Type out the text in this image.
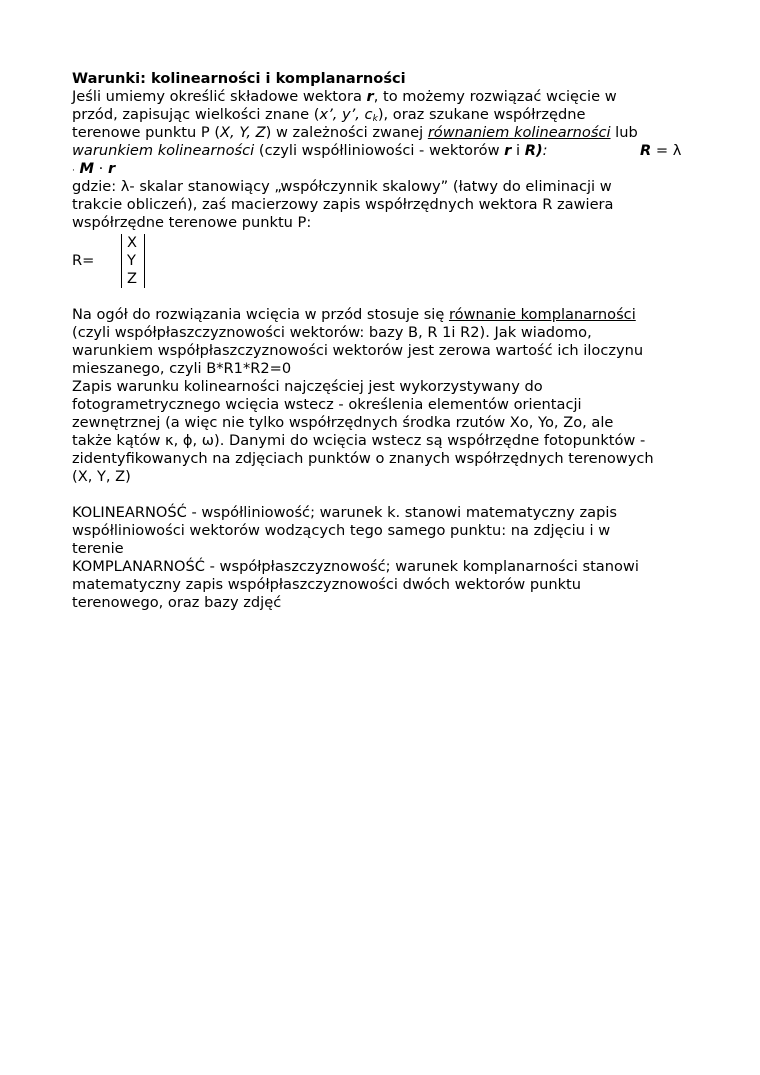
Warunki: kolinearności i komplanarności
Jeśli umiemy określić składowe wektora r, to możemy rozwiązać wcięcie w
przód, zapisując wielkości znane (x’, y’, $c_k$), oraz szukane współrzędne
terenowe punktu P (X, Y, Z) w zależności zwanej równaniem kolinearności lub
warunkiem kolinearności (czyli współliniowości - wektorów r i R):	R = λ
· M · r
gdzie: λ- skalar stanowiący „współczynnik skalowy” (łatwy do eliminacji w
trakcie obliczeń), zaś macierzowy zapis współrzędnych wektora R zawiera
współrzędne terenowe punktu P:
R=
X
Y
Z
Na ogół do rozwiązania wcięcia w przód stosuje się równanie komplanarności
(czyli współpłaszczyznowości wektorów: bazy B, R 1i R2). Jak wiadomo,
warunkiem współpłaszczyznowości wektorów jest zerowa wartość ich iloczynu
mieszanego, czyli B*R1*R2=0
Zapis warunku kolinearności najczęściej jest wykorzystywany do
fotogrametrycznego wcięcia wstecz - określenia elementów orientacji
zewnętrznej (a więc nie tylko współrzędnych środka rzutów Xo, Yo, Zo, ale
także kątów κ, ϕ, ω). Danymi do wcięcia wstecz są współrzędne fotopunktów -
zidentyfikowanych na zdjęciach punktów o znanych współrzędnych terenowych
(X, Y, Z)
KOLINEARNOŚĆ - współliniowość; warunek k. stanowi matematyczny zapis
współliniowości wektorów wodzących tego samego punktu: na zdjęciu i w
terenie
KOMPLANARNOŚĆ - współpłaszczyznowość; warunek komplanarności stanowi
matematyczny zapis współpłaszczyznowości dwóch wektorów punktu
terenowego, oraz bazy zdjęć
